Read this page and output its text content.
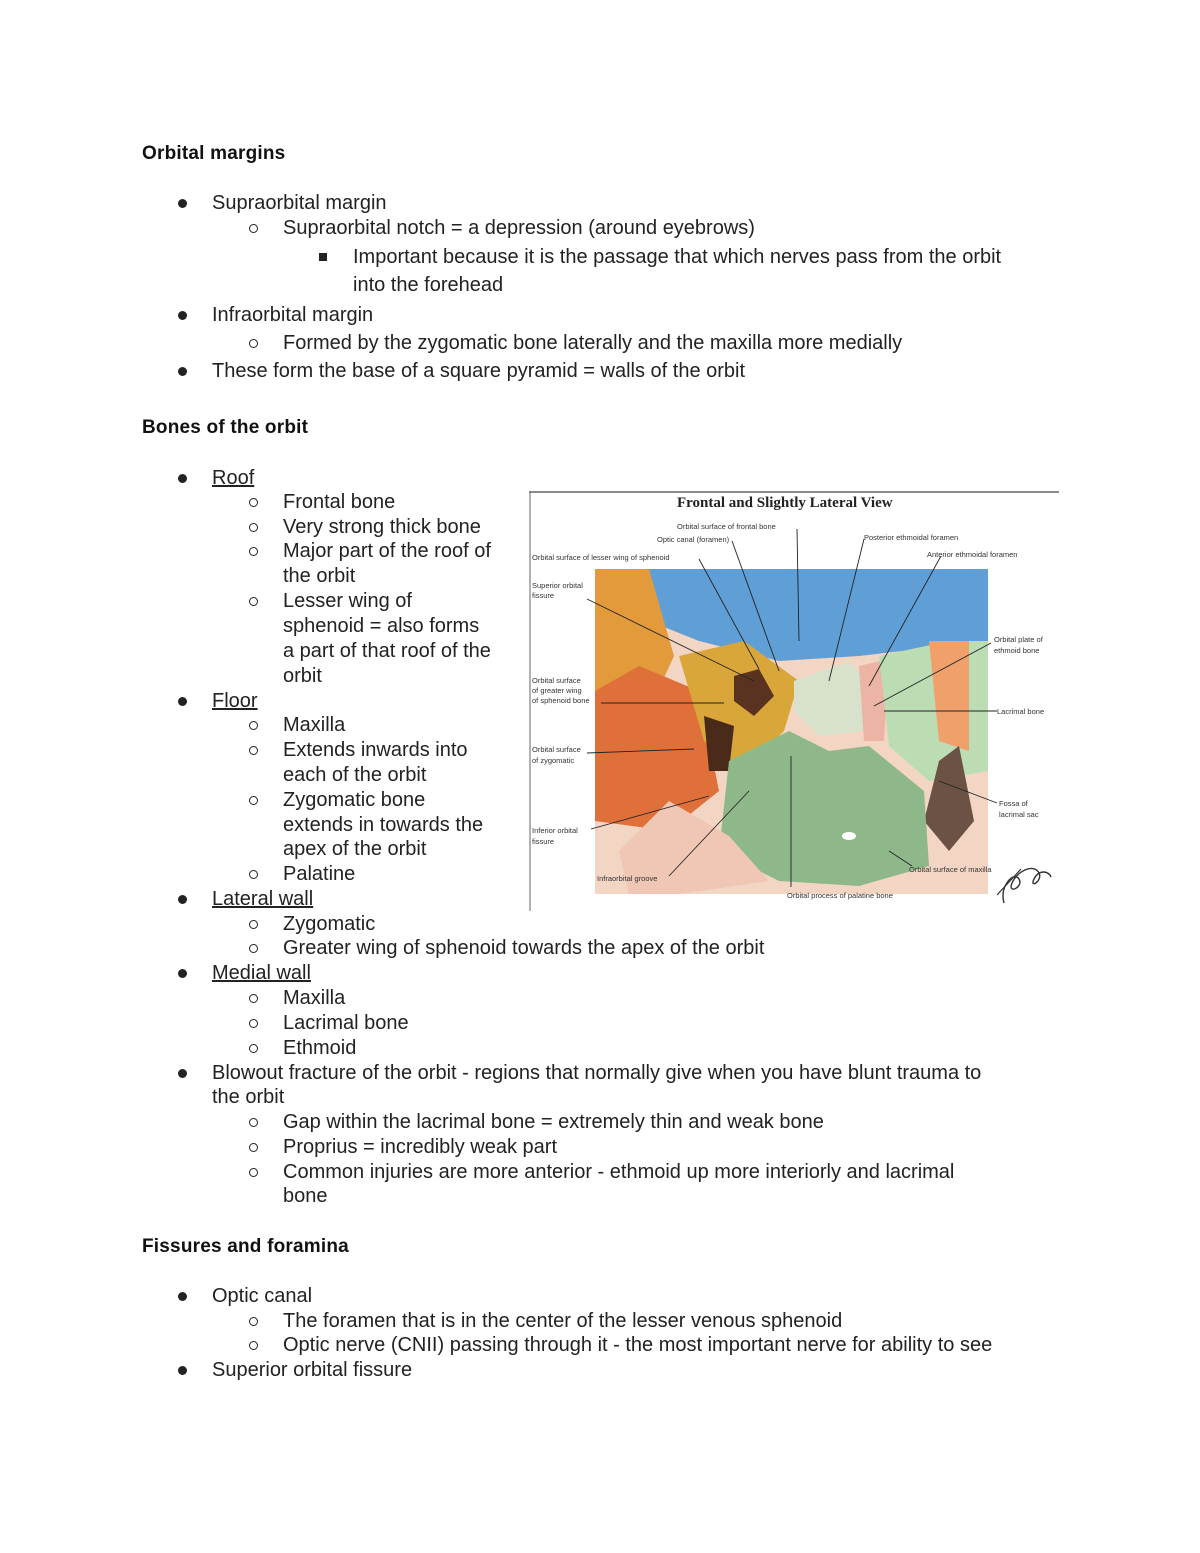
Orbital margins
Supraorbital margin
Supraorbital notch = a depression (around eyebrows)
Important because it is the passage that which nerves pass from the orbit
into the forehead
Infraorbital margin
Formed by the zygomatic bone laterally and the maxilla more medially
These form the base of a square pyramid = walls of the orbit
Bones of the orbit
Roof
Frontal bone
Very strong thick bone
Major part of the roof of
the orbit
Lesser wing of
sphenoid = also forms
a part of that roof of the
orbit
Floor
Maxilla
Extends inwards into
each of the orbit
Zygomatic bone
extends in towards the
apex of the orbit
Palatine
Lateral wall
Zygomatic
Greater wing of sphenoid towards the apex of the orbit
Medial wall
Maxilla
Lacrimal bone
Ethmoid
Blowout fracture of the orbit - regions that normally give when you have blunt trauma to
the orbit
Gap within the lacrimal bone = extremely thin and weak bone
Proprius = incredibly weak part
Common injuries are more anterior - ethmoid up more interiorly and lacrimal
bone
Fissures and foramina
Optic canal
The foramen that is in the center of the lesser venous sphenoid
Optic nerve (CNII) passing through it - the most important nerve for ability to see
Superior orbital fissure
Frontal and Slightly Lateral View
Orbital surface of frontal bone
Optic canal (foramen)	Posterior ethmoidal foramen
Anterior ethmoidal foramen
Orbital surface of lesser wing of sphenoid
Superior orbital
fissure
Orbital plate of
ethmoid bone
Orbital surface
of greater wing
of sphenoid bone
Lacrimal bone
Orbital surface
of zygomatic
Fossa of
lacrimal sac
Inferior orbital
fissure
Orbital surface of maxilla
Infraorbital groove
Orbital process of palatine bone
